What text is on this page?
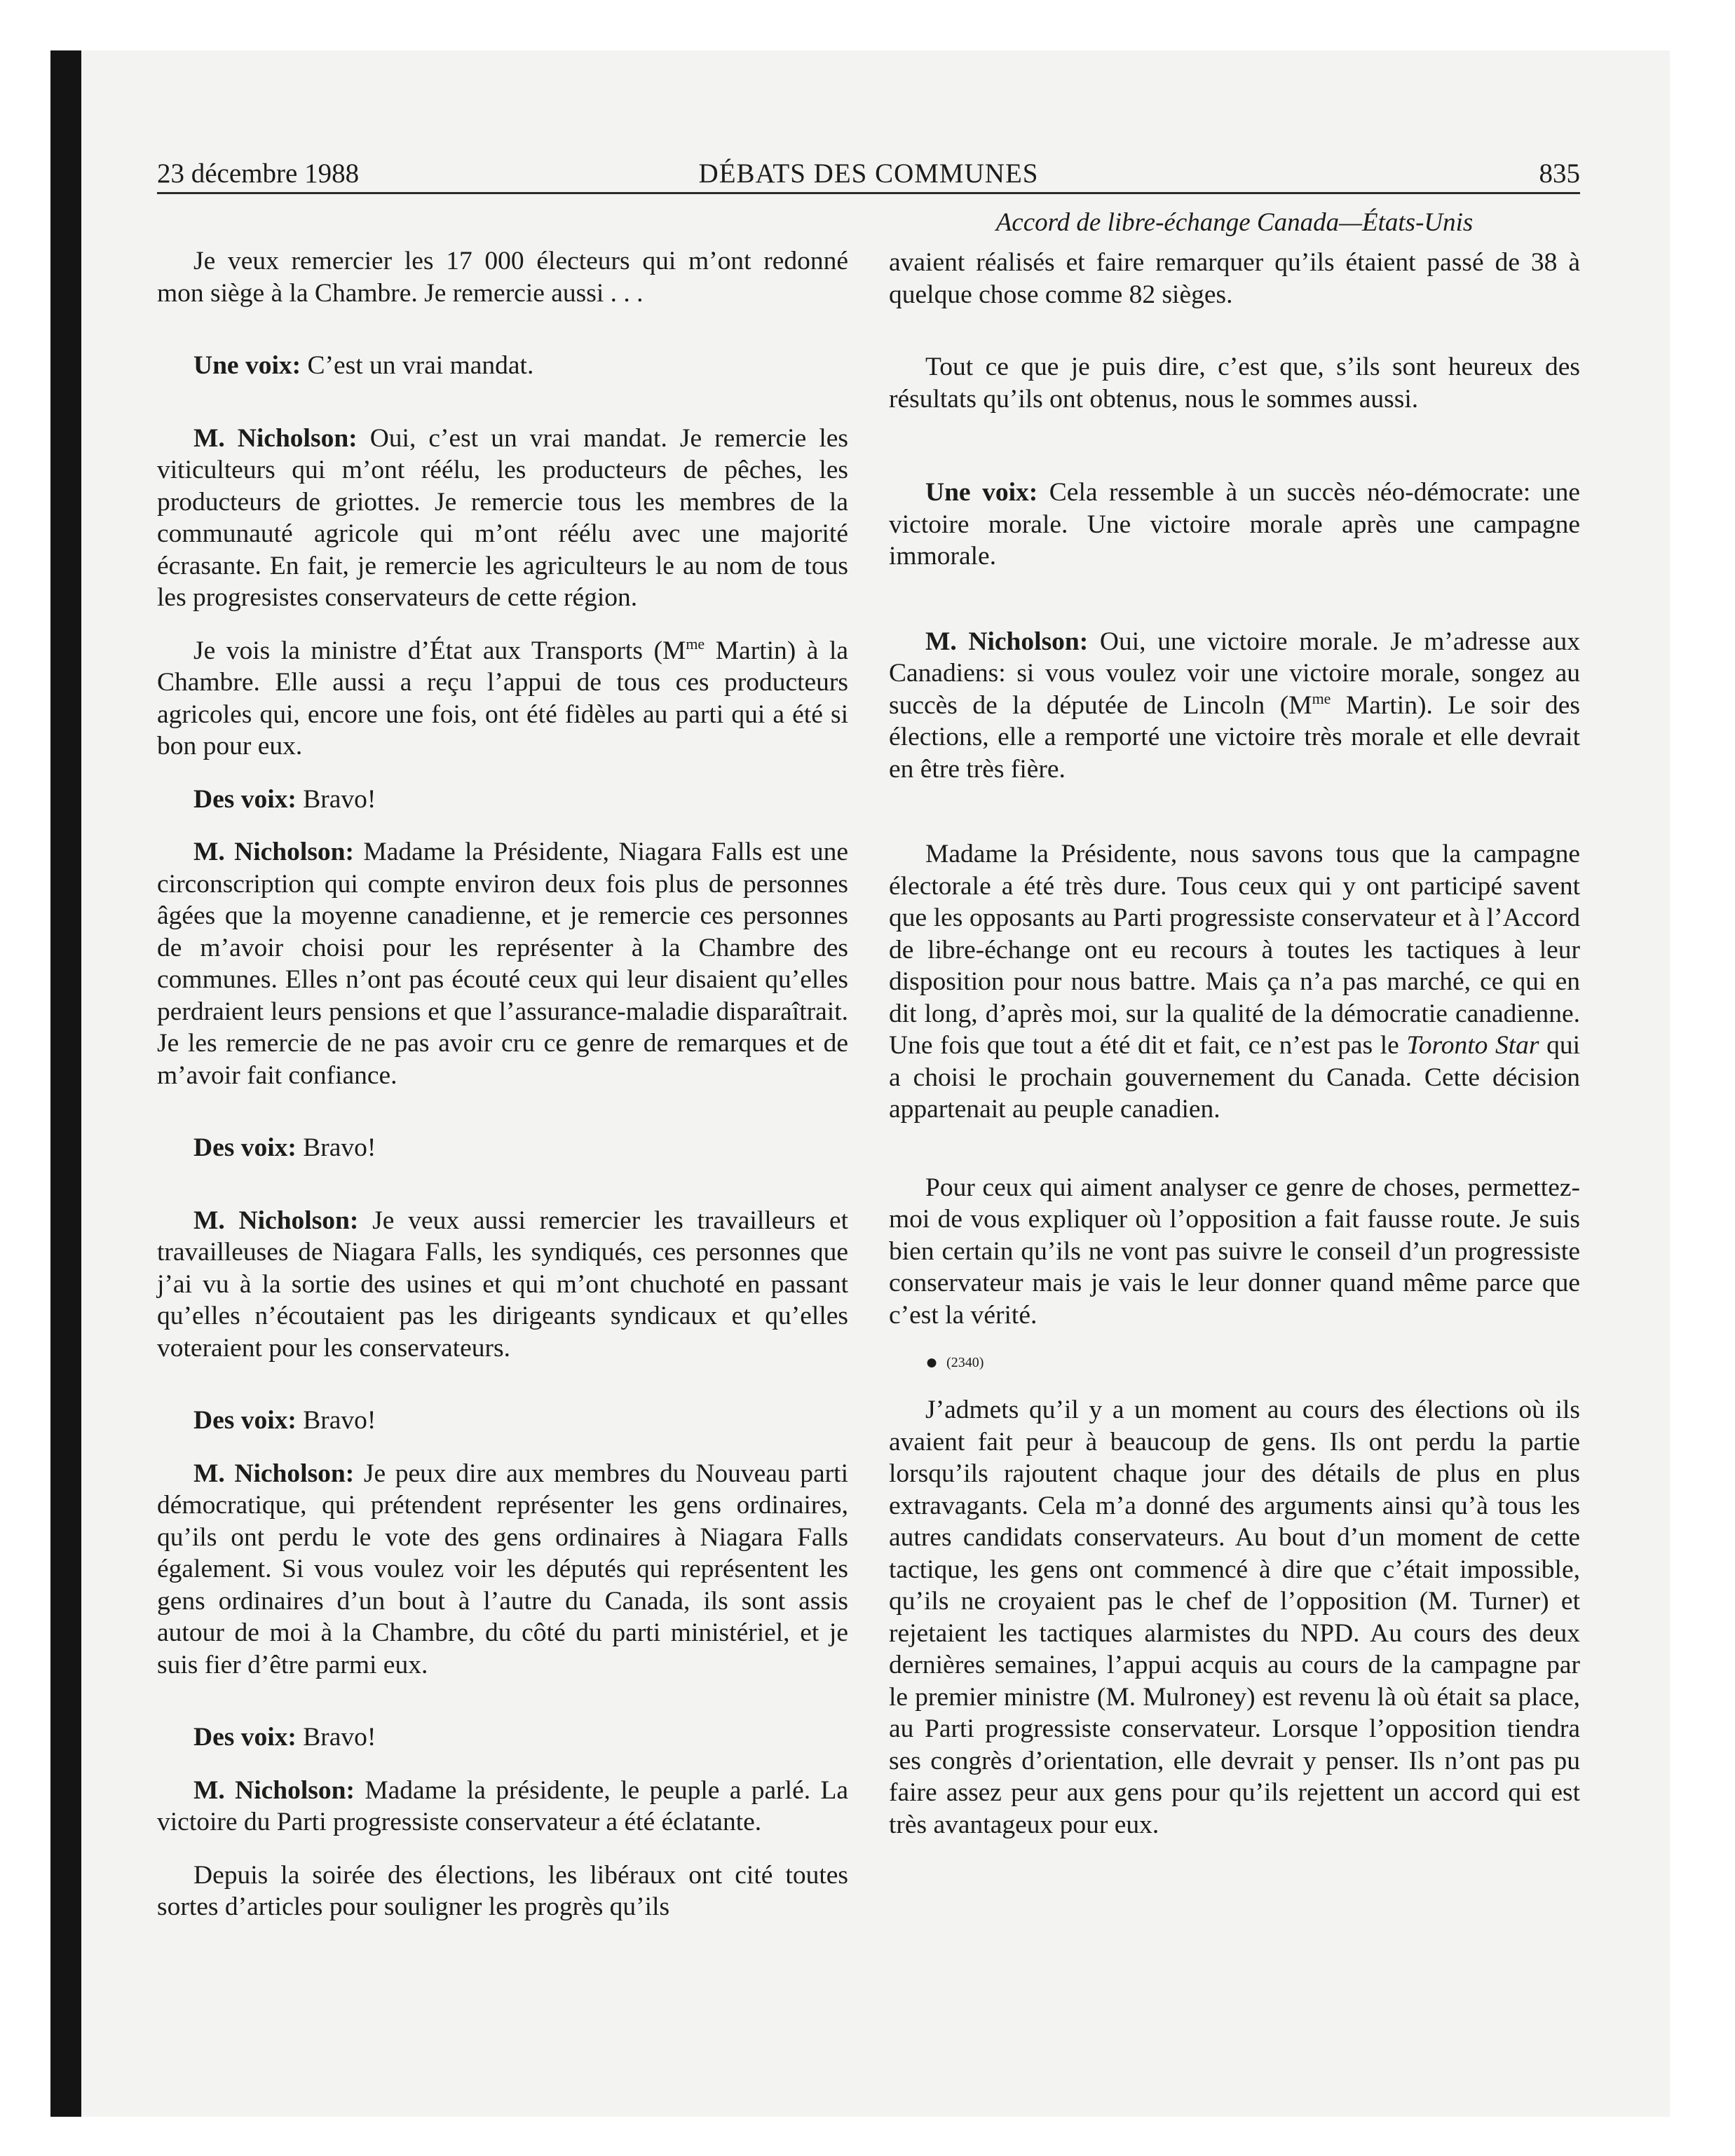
23 décembre 1988	DÉBATS DES COMMUNES	835
Accord de libre-échange Canada—États-Unis

Je veux remercier les 17 000 électeurs qui m’ont redonné mon siège à la Chambre. Je remercie aussi . . .

Une voix: C’est un vrai mandat.

M. Nicholson: Oui, c’est un vrai mandat. Je remercie les viticulteurs qui m’ont réélu, les producteurs de pêches, les producteurs de griottes. Je remercie tous les membres de la communauté agricole qui m’ont réélu avec une majorité écrasante. En fait, je remercie les agriculteurs le au nom de tous les progresistes conservateurs de cette région.

Je vois la ministre d’État aux Transports ($M^{me}$ Martin) à la Chambre. Elle aussi a reçu l’appui de tous ces producteurs agricoles qui, encore une fois, ont été fidèles au parti qui a été si bon pour eux.

Des voix: Bravo!

M. Nicholson: Madame la Présidente, Niagara Falls est une circonscription qui compte environ deux fois plus de personnes âgées que la moyenne canadienne, et je remercie ces personnes de m’avoir choisi pour les représenter à la Chambre des communes. Elles n’ont pas écouté ceux qui leur disaient qu’elles perdraient leurs pensions et que l’assurance-maladie disparaîtrait. Je les remercie de ne pas avoir cru ce genre de remarques et de m’avoir fait confiance.

Des voix: Bravo!

M. Nicholson: Je veux aussi remercier les travailleurs et travailleuses de Niagara Falls, les syndiqués, ces personnes que j’ai vu à la sortie des usines et qui m’ont chuchoté en passant qu’elles n’écoutaient pas les dirigeants syndicaux et qu’elles voteraient pour les conservateurs.

Des voix: Bravo!

M. Nicholson: Je peux dire aux membres du Nouveau parti démocratique, qui prétendent représenter les gens ordinaires, qu’ils ont perdu le vote des gens ordinaires à Niagara Falls également. Si vous voulez voir les députés qui représentent les gens ordinaires d’un bout à l’autre du Canada, ils sont assis autour de moi à la Chambre, du côté du parti ministériel, et je suis fier d’être parmi eux.

Des voix: Bravo!

M. Nicholson: Madame la présidente, le peuple a parlé. La victoire du Parti progressiste conservateur a été éclatante.

Depuis la soirée des élections, les libéraux ont cité toutes sortes d’articles pour souligner les progrès qu’ils

avaient réalisés et faire remarquer qu’ils étaient passé de 38 à quelque chose comme 82 sièges.

Tout ce que je puis dire, c’est que, s’ils sont heureux des résultats qu’ils ont obtenus, nous le sommes aussi.

Une voix: Cela ressemble à un succès néo-démocrate: une victoire morale. Une victoire morale après une campagne immorale.

M. Nicholson: Oui, une victoire morale. Je m’adresse aux Canadiens: si vous voulez voir une victoire morale, songez au succès de la députée de Lincoln ($M^{me}$ Martin). Le soir des élections, elle a remporté une victoire très morale et elle devrait en être très fière.

Madame la Présidente, nous savons tous que la campagne électorale a été très dure. Tous ceux qui y ont participé savent que les opposants au Parti progressiste conservateur et à l’Accord de libre-échange ont eu recours à toutes les tactiques à leur disposition pour nous battre. Mais ça n’a pas marché, ce qui en dit long, d’après moi, sur la qualité de la démocratie canadienne. Une fois que tout a été dit et fait, ce n’est pas le Toronto Star qui a choisi le prochain gouvernement du Canada. Cette décision appartenait au peuple canadien.

Pour ceux qui aiment analyser ce genre de choses, permettez-moi de vous expliquer où l’opposition a fait fausse route. Je suis bien certain qu’ils ne vont pas suivre le conseil d’un progressiste conservateur mais je vais le leur donner quand même parce que c’est la vérité.

● (2340)

J’admets qu’il y a un moment au cours des élections où ils avaient fait peur à beaucoup de gens. Ils ont perdu la partie lorsqu’ils rajoutent chaque jour des détails de plus en plus extravagants. Cela m’a donné des arguments ainsi qu’à tous les autres candidats conservateurs. Au bout d’un moment de cette tactique, les gens ont commencé à dire que c’était impossible, qu’ils ne croyaient pas le chef de l’opposition (M. Turner) et rejetaient les tactiques alarmistes du NPD. Au cours des deux dernières semaines, l’appui acquis au cours de la campagne par le premier ministre (M. Mulroney) est revenu là où était sa place, au Parti progressiste conservateur. Lorsque l’opposition tiendra ses congrès d’orientation, elle devrait y penser. Ils n’ont pas pu faire assez peur aux gens pour qu’ils rejettent un accord qui est très avantageux pour eux.
